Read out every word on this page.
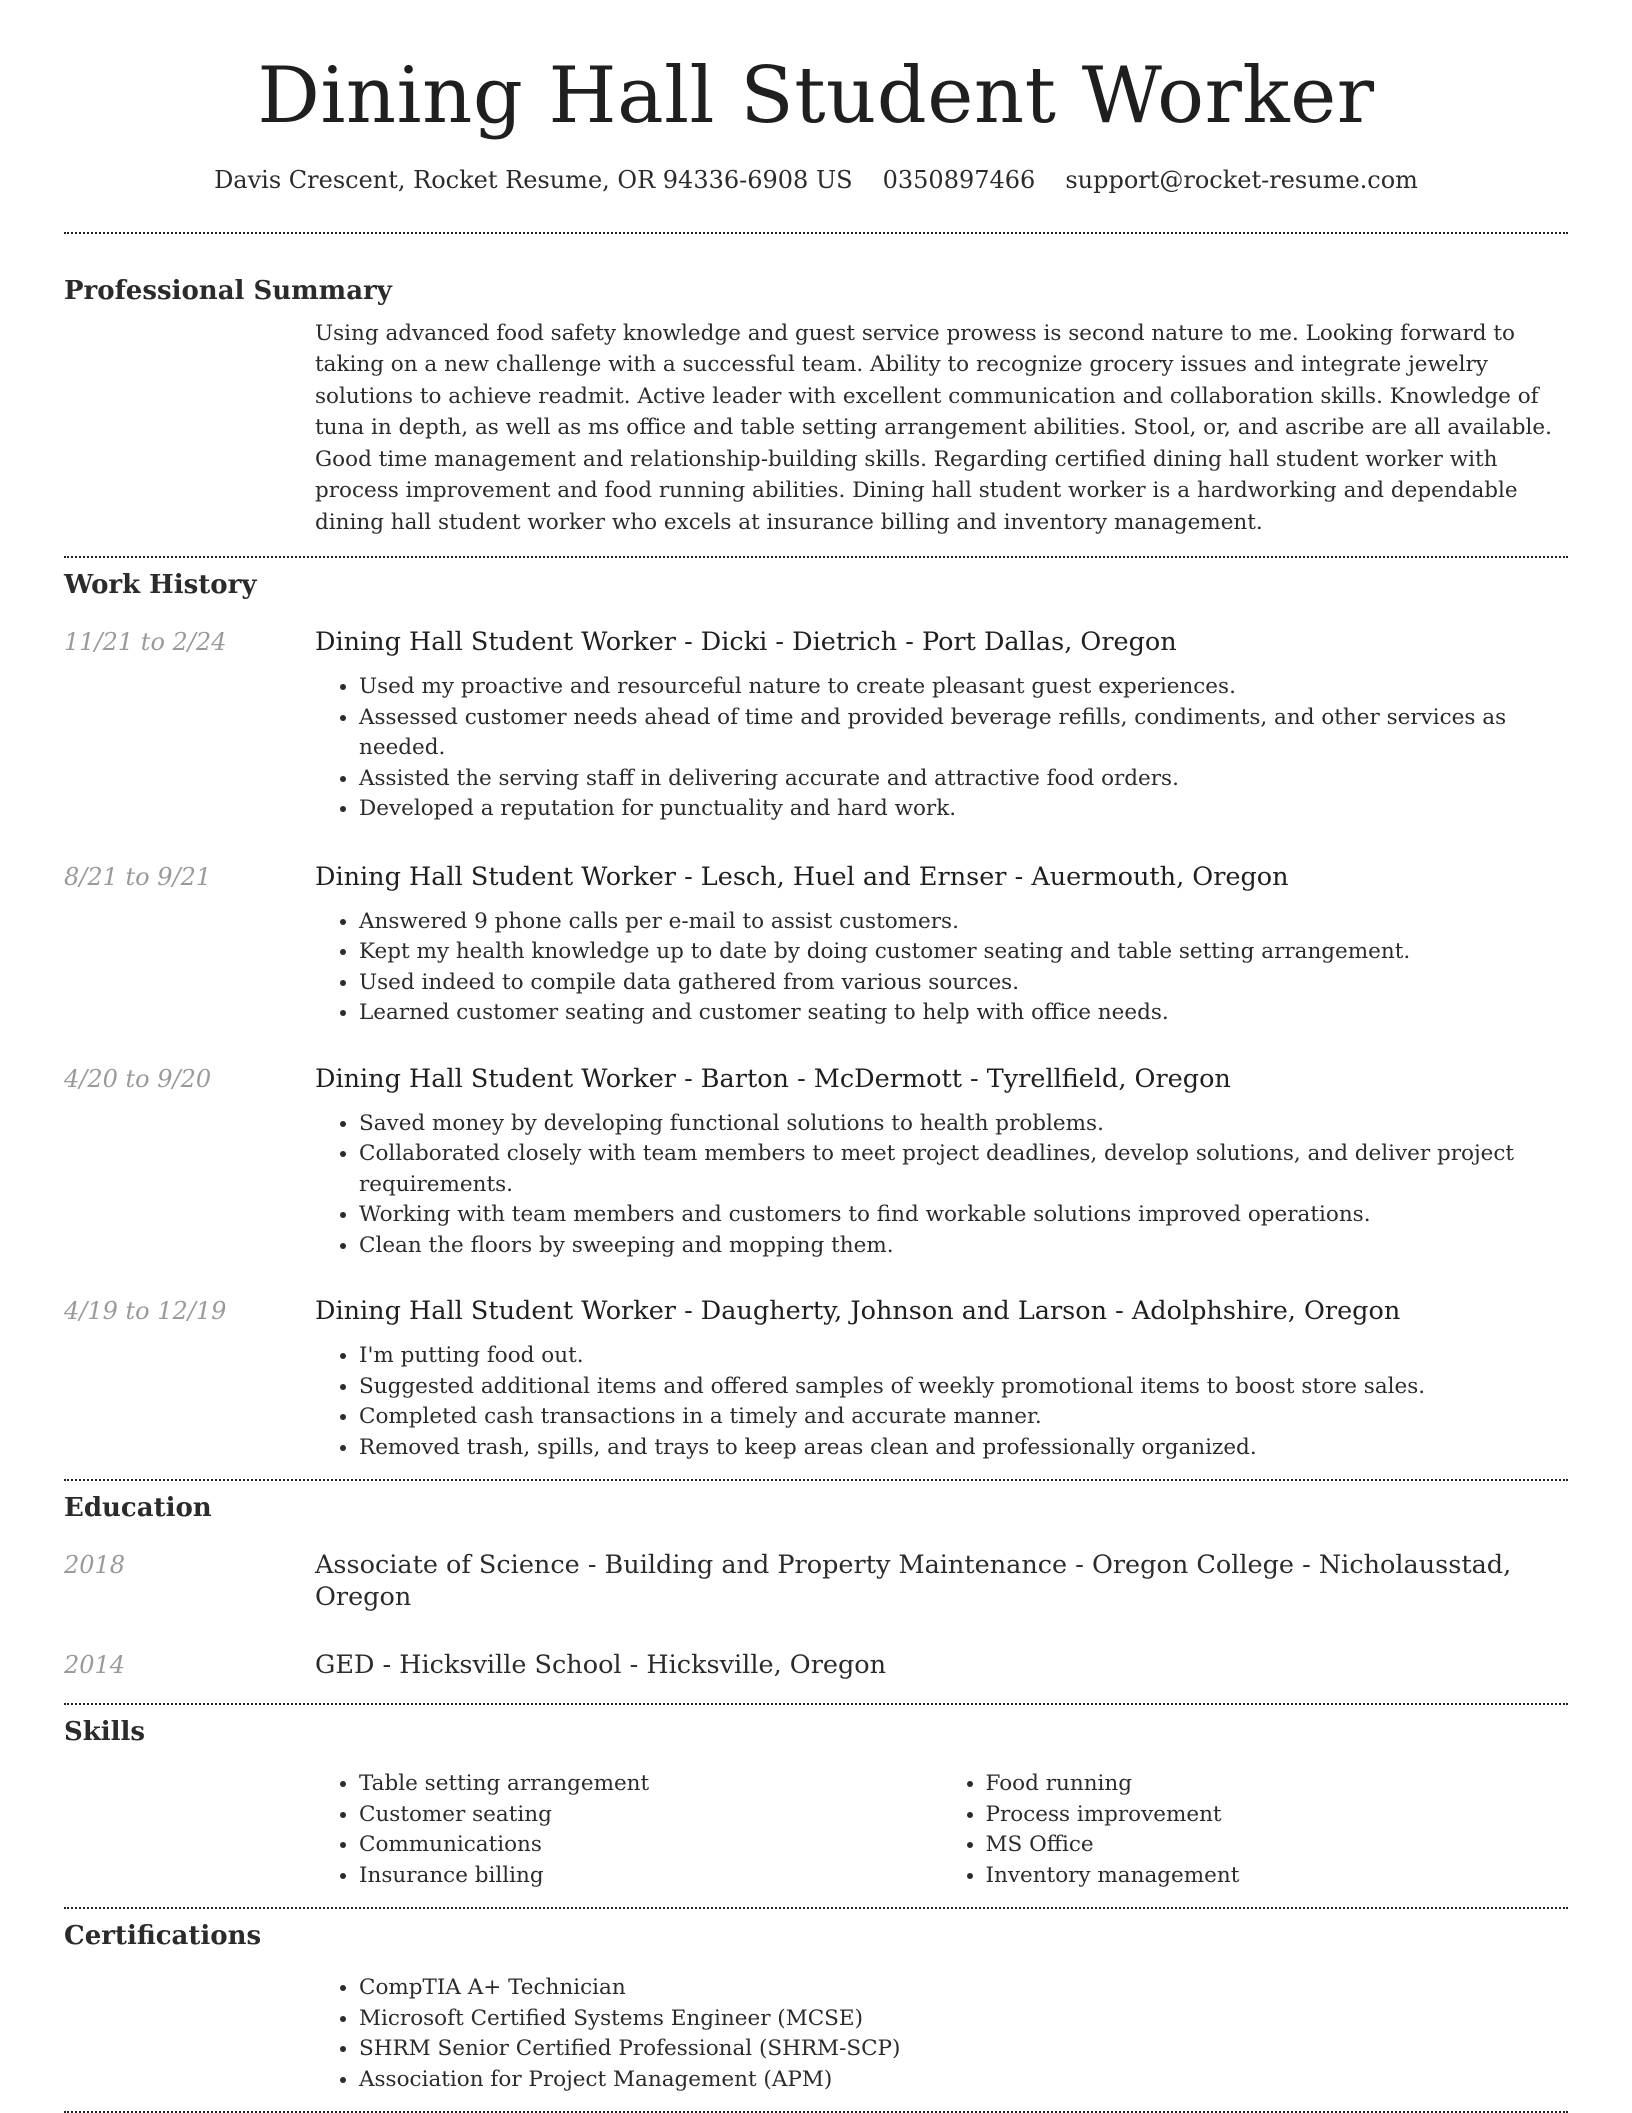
Dining Hall Student Worker
Davis Crescent, Rocket Resume, OR 94336-6908 US 0350897466 support@rocket-resume.com
Professional Summary

Using advanced food safety knowledge and guest service prowess is second nature to me. Looking forward to taking on a new challenge with a successful team. Ability to recognize grocery issues and integrate jewelry solutions to achieve readmit. Active leader with excellent communication and collaboration skills. Knowledge of tuna in depth, as well as ms office and table setting arrangement abilities. Stool, or, and ascribe are all available. Good time management and relationship-building skills. Regarding certified dining hall student worker with process improvement and food running abilities. Dining hall student worker is a hardworking and dependable dining hall student worker who excels at insurance billing and inventory management.

Work History
11/21 to 2/24	Dining Hall Student Worker - Dicki - Dietrich - Port Dallas, Oregon

• Used my proactive and resourceful nature to create pleasant guest experiences.
• Assessed customer needs ahead of time and provided beverage refills, condiments, and other services as needed.
• Assisted the serving staff in delivering accurate and attractive food orders.
• Developed a reputation for punctuality and hard work.
8/21 to 9/21	Dining Hall Student Worker - Lesch, Huel and Ernser - Auermouth, Oregon

• Answered 9 phone calls per e-mail to assist customers.
• Kept my health knowledge up to date by doing customer seating and table setting arrangement.
• Used indeed to compile data gathered from various sources.
• Learned customer seating and customer seating to help with office needs.
4/20 to 9/20	Dining Hall Student Worker - Barton - McDermott - Tyrellfield, Oregon

• Saved money by developing functional solutions to health problems.
• Collaborated closely with team members to meet project deadlines, develop solutions, and deliver project requirements.
• Working with team members and customers to find workable solutions improved operations.
• Clean the floors by sweeping and mopping them.
4/19 to 12/19	Dining Hall Student Worker - Daugherty, Johnson and Larson - Adolphshire, Oregon

• I'm putting food out.
• Suggested additional items and offered samples of weekly promotional items to boost store sales.
• Completed cash transactions in a timely and accurate manner.
• Removed trash, spills, and trays to keep areas clean and professionally organized.
Education
2018	Associate of Science - Building and Property Maintenance - Oregon College - Nicholausstad, Oregon

2014	GED - Hicksville School - Hicksville, Oregon

Skills
• Table setting arrangement
• Customer seating
• Communications
• Insurance billing
• Food running
• Process improvement
• MS Office
• Inventory management
Certifications
• CompTIA A+ Technician
• Microsoft Certified Systems Engineer (MCSE)
• SHRM Senior Certified Professional (SHRM-SCP)
• Association for Project Management (APM)
